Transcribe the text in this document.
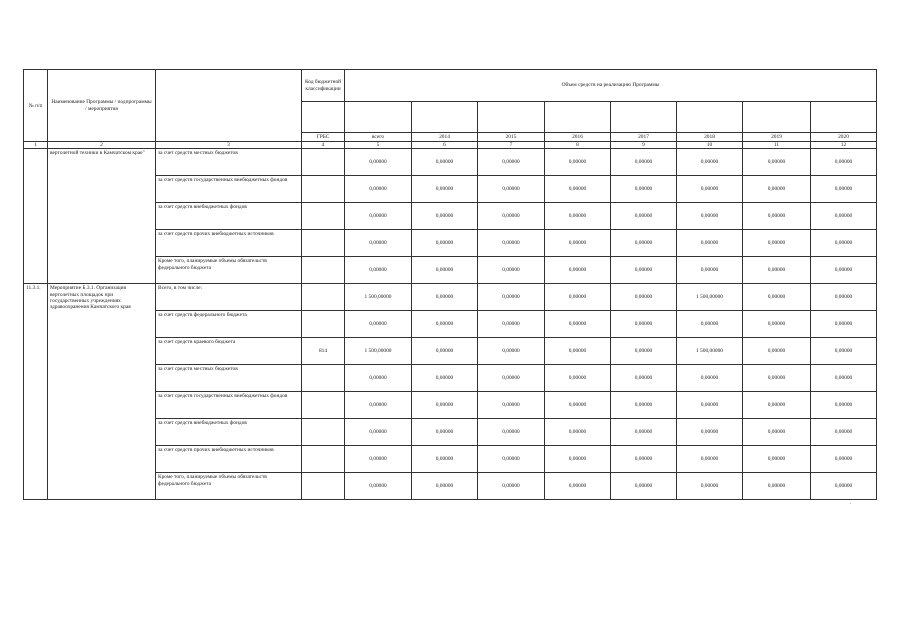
№ п/п	Наименование Программы / подпрограммы / мероприятия		Код бюджетной классификации	Объем средств на реализацию Программы							

			ГРБС	всего	2014	2015	2016	2017	2018	2019	2020
1	2	3	4	5	6	7	8	9	10	11	12
	вертолетной техники в Камчатском крае"	за счет средств местных бюджетов		0,00000	0,00000	0,00000	0,00000	0,00000	0,00000	0,00000	0,00000
		за счет средств государственных внебюджетных фондов		0,00000	0,00000	0,00000	0,00000	0,00000	0,00000	0,00000	0,00000
		за счет средств внебюджетных фондов		0,00000	0,00000	0,00000	0,00000	0,00000	0,00000	0,00000	0,00000
		за счет средств прочих внебюджетных источников		0,00000	0,00000	0,00000	0,00000	0,00000	0,00000	0,00000	0,00000
		Кроме того, планируемые объемы обязательств федерального бюджета		0,00000	0,00000	0,00000	0,00000	0,00000	0,00000	0,00000	0,00000
11.3.1.	Мероприятие Б.3.1. Организация вертолетных площадок при государственных учреждениях здравоохранения Камчатского края	Всего, в том числе:		1 500,00000	0,00000	0,00000	0,00000	0,00000	1 500,00000	0,00000	0,00000
		за счет средств федерального бюджета		0,00000	0,00000	0,00000	0,00000	0,00000	0,00000	0,00000	0,00000
		за счет средств краевого бюджета	814	1 500,00000	0,00000	0,00000	0,00000	0,00000	1 500,00000	0,00000	0,00000
		за счет средств местных бюджетов		0,00000	0,00000	0,00000	0,00000	0,00000	0,00000	0,00000	0,00000
		за счет средств государственных внебюджетных фондов		0,00000	0,00000	0,00000	0,00000	0,00000	0,00000	0,00000	0,00000
		за счет средств внебюджетных фондов		0,00000	0,00000	0,00000	0,00000	0,00000	0,00000	0,00000	0,00000
		за счет средств прочих внебюджетных источников		0,00000	0,00000	0,00000	0,00000	0,00000	0,00000	0,00000	0,00000
		Кроме того, планируемые объемы обязательств федерального бюджета		0,00000	0,00000	0,00000	0,00000	0,00000	0,00000	0,00000	0,00000
.
